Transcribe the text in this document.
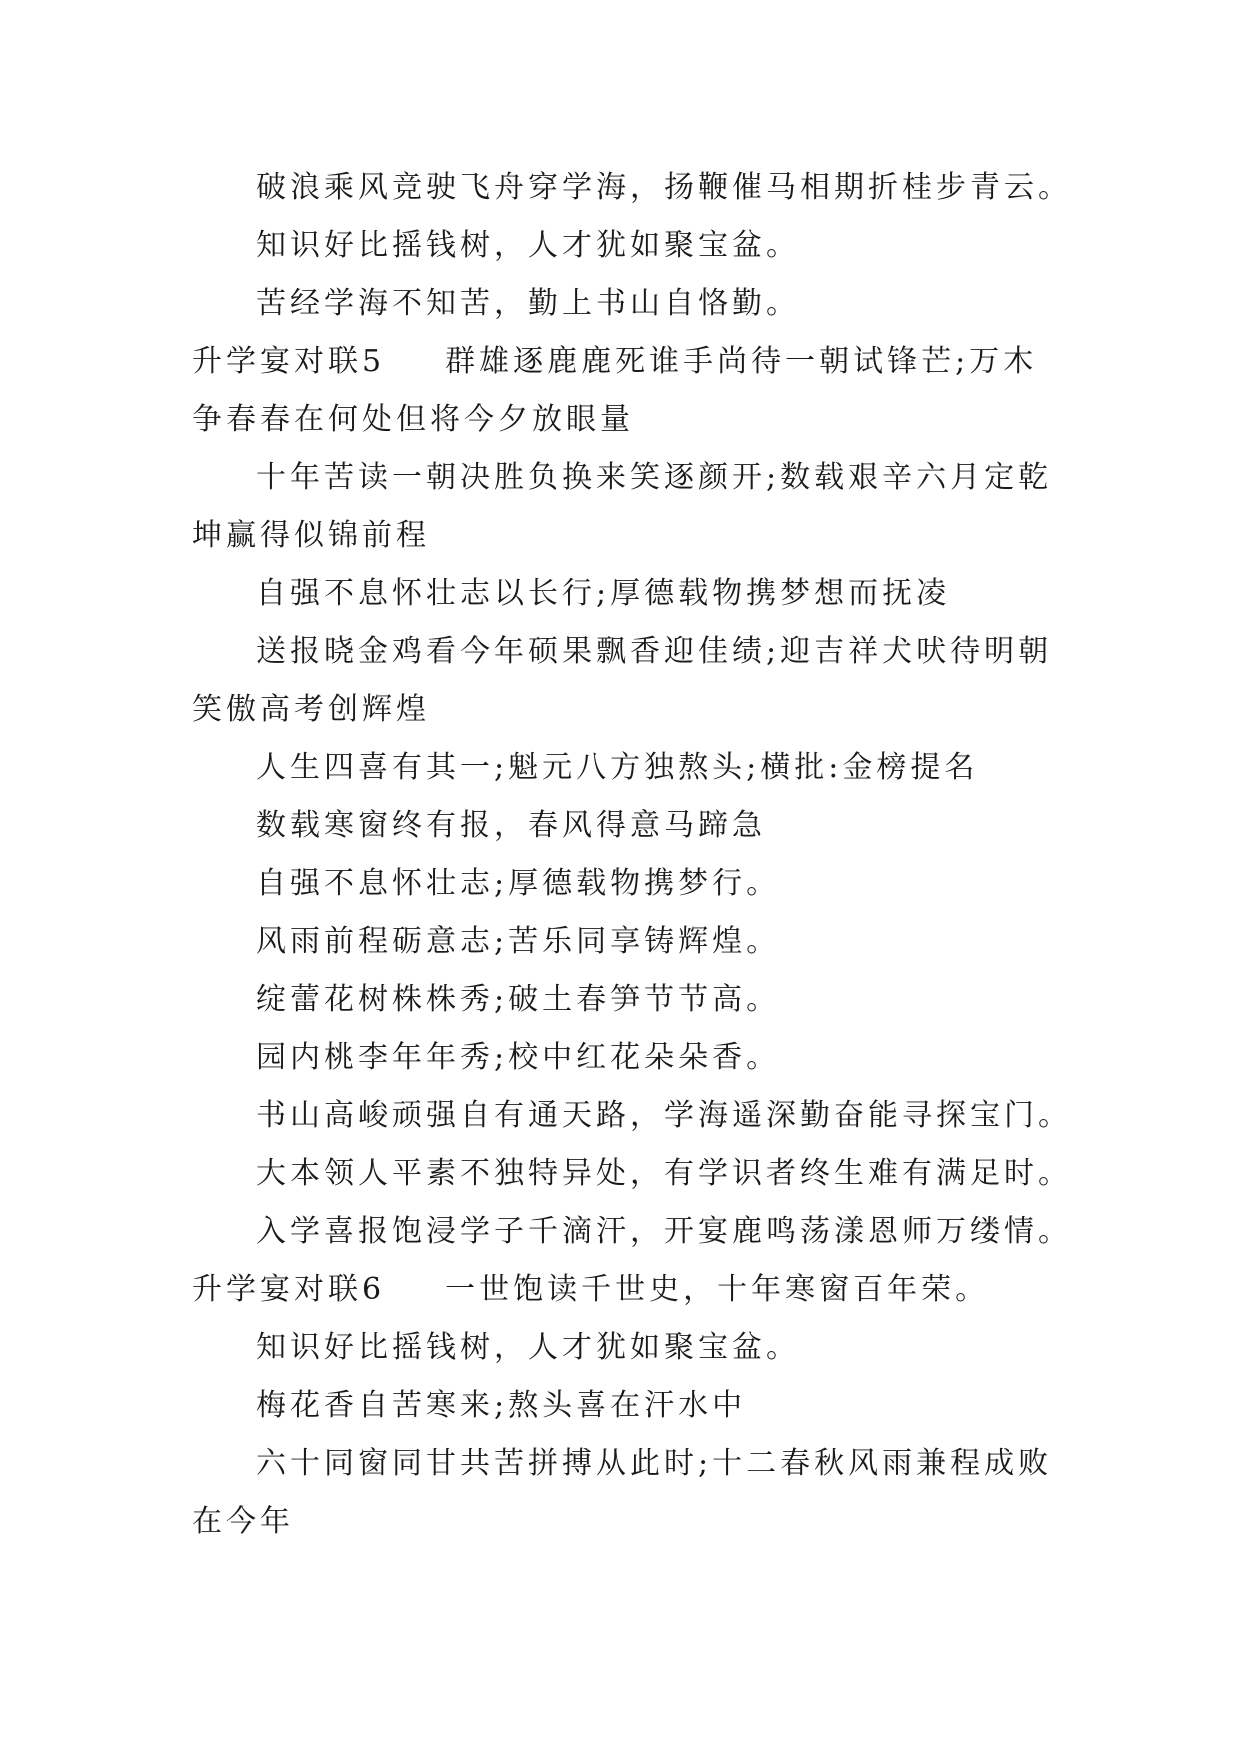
破浪乘风竞驶飞舟穿学海，扬鞭催马相期折桂步青云。

知识好比摇钱树，人才犹如聚宝盆。

苦经学海不知苦，勤上书山自恪勤。

升学宴对联5 群雄逐鹿鹿死谁手尚待一朝试锋芒;万木争春春在何处但将今夕放眼量

十年苦读一朝决胜负换来笑逐颜开;数载艰辛六月定乾坤赢得似锦前程

自强不息怀壮志以长行;厚德载物携梦想而抚凌

送报晓金鸡看今年硕果飘香迎佳绩;迎吉祥犬吠待明朝笑傲高考创辉煌

人生四喜有其一;魁元八方独熬头;横批:金榜提名

数载寒窗终有报，春风得意马蹄急

自强不息怀壮志;厚德载物携梦行。

风雨前程砺意志;苦乐同享铸辉煌。

绽蕾花树株株秀;破土春笋节节高。

园内桃李年年秀;校中红花朵朵香。

书山高峻顽强自有通天路，学海遥深勤奋能寻探宝门。

大本领人平素不独特异处，有学识者终生难有满足时。

入学喜报饱浸学子千滴汗，开宴鹿鸣荡漾恩师万缕情。

升学宴对联6 一世饱读千世史，十年寒窗百年荣。

知识好比摇钱树，人才犹如聚宝盆。

梅花香自苦寒来;熬头喜在汗水中

六十同窗同甘共苦拼搏从此时;十二春秋风雨兼程成败在今年
